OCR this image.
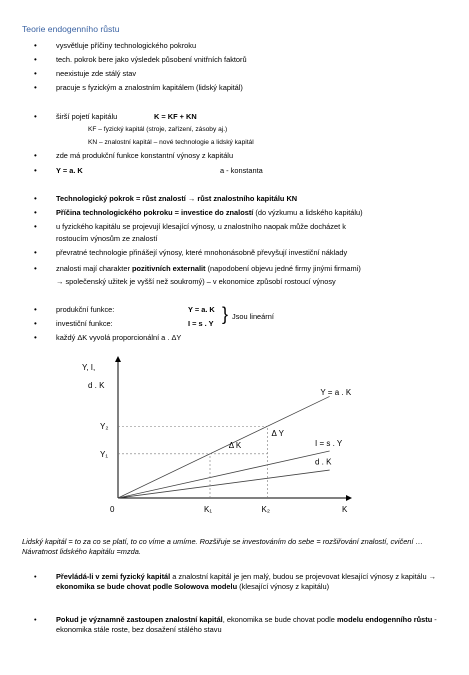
Teorie endogenního růstu
•	vysvětluje příčiny technologického pokroku
•	tech. pokrok bere jako výsledek působení vnitřních faktorů
•	neexistuje zde stálý stav
•	pracuje s fyzickým a znalostním kapitálem (lidský kapitál)
•	širší pojetí kapitálu	K = KF + KN
KF – fyzický kapitál (stroje, zařízení, zásoby aj.)
KN – znalostní kapitál – nové technologie a lidský kapitál
•	zde má produkční funkce konstantní výnosy z kapitálu
•	Y = a. K	a - konstanta
•	Technologický pokrok = růst znalostí → růst znalostního kapitálu KN
•	Příčina technologického pokroku = investice do znalostí (do výzkumu a lidského kapitálu)
•	u fyzického kapitálu se projevují klesající výnosy, u znalostního naopak může docházet k
rostoucím výnosům ze znalostí
•	převratné technologie přinášejí výnosy, které mnohonásobně převyšují investiční náklady
•	znalosti mají charakter pozitivních externalit (napodobení objevu jedné firmy jinými firmami)
→ společenský užitek je vyšší než soukromý) – v ekonomice způsobí rostoucí výnosy
•	produkční funkce:	Y = a. K
•	investiční funkce:	I = s . Y } Jsou lineární
•	každý ΔK vyvolá proporcionální a . ΔY
Y, I,
d . K
K
0
Y = a . K
I = s . Y
d . K
K₁	K₂
Y₂
Y₁
Δ K
Δ Y
Lidský kapitál = to za co se platí, to co víme a umíme. Rozšiřuje se investováním do sebe = rozšiřování znalostí, cvičení … Návratnost lidského kapitálu =mzda.
•	Převládá-li v zemi fyzický kapitál a znalostní kapitál je jen malý, budou se projevovat klesající výnosy z kapitálu → ekonomika se bude chovat podle Solowova modelu (klesající výnosy z kapitálu)
•	Pokud je významně zastoupen znalostní kapitál, ekonomika se bude chovat podle modelu endogenního růstu - ekonomika stále roste, bez dosažení stálého stavu
